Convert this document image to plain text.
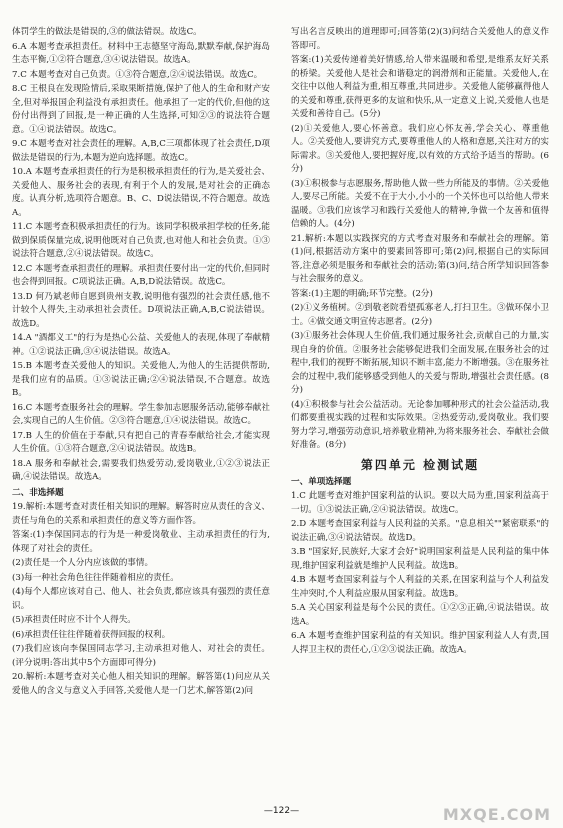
体罚学生的做法是错误的,③的做法错误。故选C。
6.A 本题考查承担责任。材料中王志德坚守海岛,默默奉献,保护海岛生态平衡,①②符合题意,③④说法错误。故选A。
7.C 本题考查对自己负责。①③符合题意,②④说法错误。故选C。
8.C 王根良在发现险情后,采取果断措施,保护了他人的生命和财产安全,但对举报国企利益没有承担责任。他承担了一定的代价,但他的这份付出得到了回报,是一种正确的人生选择,可知②③的说法符合题意。①④说法错误。故选C。
9.C 本题考查对社会责任的理解。A,B,C三项都体现了社会责任,D项做法是错误的行为,本题为逆向选择题。故选C。
10.A 本题考查承担责任的行为是积极承担责任的行为,是关爱社会、关爱他人、服务社会的表现,有利于个人的发展,是对社会的正确态度。认真分析,选项符合题意。B、C、D说法错误,不符合题意。故选A。
11.C 本题考查积极承担责任的行为。该同学积极承担学校的任务,能做到保质保量完成,说明他既对自己负责,也对他人和社会负责。①③说法符合题意,②④说法错误。故选C。
12.C 本题考查承担责任的理解。承担责任要付出一定的代价,但同时也会得到回报。C项说法正确。A,B,D说法错误。故选C。
13.D 何乃斌老师自愿到贵州支教,说明他有强烈的社会责任感,他不计较个人得失,主动承担社会责任。D项说法正确,A,B,C说法错误。故选D。
14.A "酒都义工"的行为是热心公益、关爱他人的表现,体现了奉献精神。①②说法正确,③④说法错误。故选A。
15.B 本题考查关爱他人的知识。关爱他人,为他人的生活提供帮助,是我们应有的品质。①③说法正确;②④说法错误,不合题意。故选B。
16.C 本题考查服务社会的理解。学生参加志愿服务活动,能够奉献社会,实现自己的人生价值。②③符合题意,①④说法错误。故选C。
17.B 人生的价值在于奉献,只有把自己的青春奉献给社会,才能实现人生价值。①③符合题意,②④说法错误。故选B。
18.A 服务和奉献社会,需要我们热爱劳动,爱岗敬业,①②③说法正确,④说法错误。故选A。
二、非选择题
19.解析:本题考查对责任相关知识的理解。解答时应从责任的含义、责任与角色的关系和承担责任的意义等方面作答。
答案:(1)李保国同志的行为是一种爱岗敬业、主动承担责任的行为,体现了对社会的责任。
(2)责任是一个人分内应该做的事情。
(3)每一种社会角色往往伴随着相应的责任。
(4)每个人都应该对自己、他人、社会负责,都应该具有强烈的责任意识。
(5)承担责任时应不计个人得失。
(6)承担责任往往伴随着获得回报的权利。
(7)我们应该向李保国同志学习,主动承担对他人、对社会的责任。(评分说明:答出其中5个方面即可得分)
20.解析:本题考查对关心他人相关知识的理解。解答第(1)问应从关爱他人的含义与意义入手回答,关爱他人是一门艺术,解答第(2)问
写出名言反映出的道理即可;回答第(2)(3)问结合关爱他人的意义作答即可。
答案:(1)关爱传递着美好情感,给人带来温暖和希望,是维系友好关系的桥梁。关爱他人是社会和谐稳定的润滑剂和正能量。关爱他人,在交往中以他人利益为重,相互尊重,共同进步。关爱他人能够赢得他人的关爱和尊重,获得更多的友谊和快乐,从一定意义上说,关爱他人也是关爱和善待自己。(5分)
(2)①关爱他人,要心怀善意。我们应心怀友善,学会关心、尊重他人。②关爱他人,要讲究方式,要尊重他人的人格和意愿,关注对方的实际需求。③关爱他人,要把握好度,以有效的方式给予适当的帮助。(6分)
(3)①积极参与志愿服务,帮助他人做一些力所能及的事情。②关爱他人,要尽己所能。关爱不在于大小,小小的一个关怀也可以给他人带来温暖。③我们应该学习和践行关爱他人的精神,争做一个友善和值得信赖的人。(4分)
21.解析:本题以实践探究的方式考查对服务和奉献社会的理解。第(1)问,根据活动方案中的要素回答即可;第(2)问,根据自己的实际回答,注意必须是服务和奉献社会的活动;第(3)问,结合所学知识回答参与社会服务的意义。
答案:(1)主题的明确;环节完整。(2分)
(2)①义务植树。②到敬老院看望孤寡老人,打扫卫生。③做环保小卫士。④做交通文明宣传志愿者。(2分)
(3)①服务社会体现人生价值,我们通过服务社会,贡献自己的力量,实现自身的价值。②服务社会能够促进我们全面发展,在服务社会的过程中,我们的视野不断拓展,知识不断丰富,能力不断增强。③在服务社会的过程中,我们能够感受到他人的关爱与帮助,增强社会责任感。(8分)
(4)①积极参与社会公益活动。无论参加哪种形式的社会公益活动,我们都要重视实践的过程和实际效果。②热爱劳动,爱岗敬业。我们要努力学习,增强劳动意识,培养敬业精神,为将来服务社会、奉献社会做好准备。(8分)
第四单元 检测试题
一、单项选择题
1.C 此题考查对维护国家利益的认识。要以大局为重,国家利益高于一切。①③说法正确,②④说法错误。故选C。
2.D 本题考查国家利益与人民利益的关系。"息息相关""紧密联系"的说法正确,③④说法错误。故选D。
3.B "国家好,民族好,大家才会好"说明国家利益是人民利益的集中体现,维护国家利益就是维护人民利益。故选B。
4.B 本题考查国家利益与个人利益的关系,在国家利益与个人利益发生冲突时,个人利益应服从国家利益。故选B。
5.A 关心国家利益是每个公民的责任。①②③正确,④说法错误。故选A。
6.A 本题考查维护国家利益的有关知识。维护国家利益人人有责,国人捍卫主权的责任心,①②③说法正确。故选A。
—122—	MXQE.COM
